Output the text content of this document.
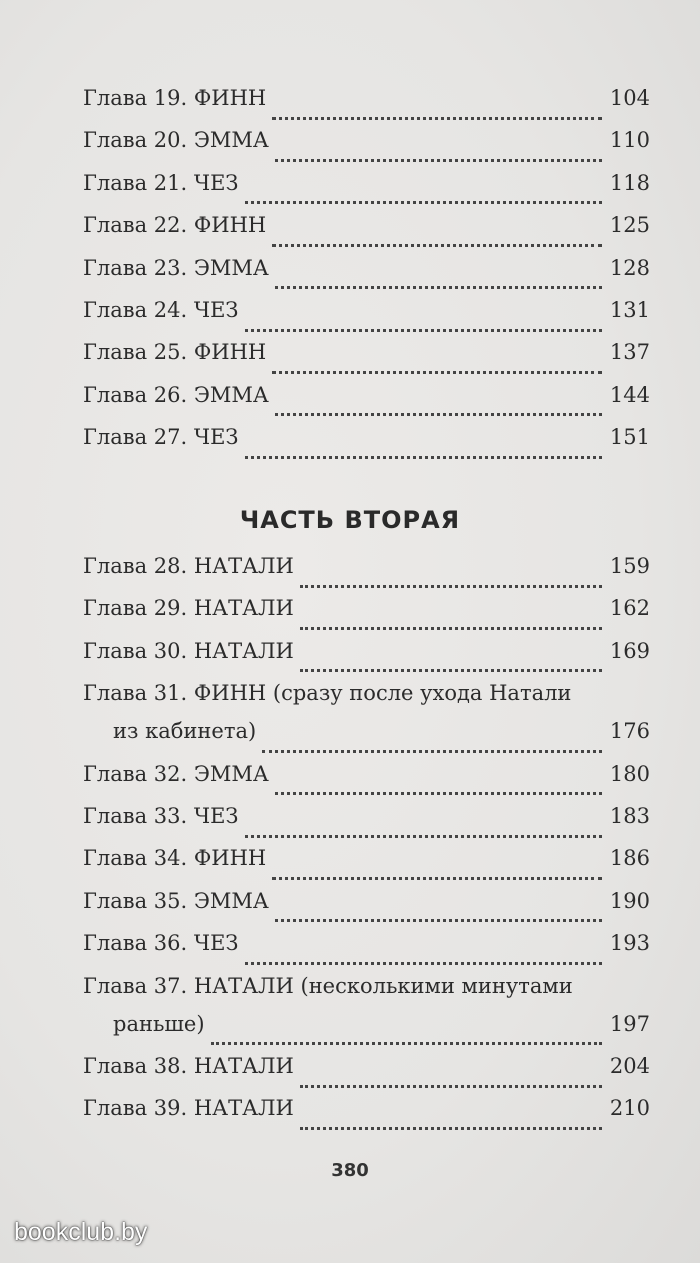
Глава 19. ФИНН	104
Глава 20. ЭММА	110
Глава 21. ЧЕЗ	118
Глава 22. ФИНН	125
Глава 23. ЭММА	128
Глава 24. ЧЕЗ	131
Глава 25. ФИНН	137
Глава 26. ЭММА	144
Глава 27. ЧЕЗ	151
ЧАСТЬ ВТОРАЯ
Глава 28. НАТАЛИ	159
Глава 29. НАТАЛИ	162
Глава 30. НАТАЛИ	169
Глава 31. ФИНН (сразу после ухода Натали
из кабинета)	176
Глава 32. ЭММА	180
Глава 33. ЧЕЗ	183
Глава 34. ФИНН	186
Глава 35. ЭММА	190
Глава 36. ЧЕЗ	193
Глава 37. НАТАЛИ (несколькими минутами
раньше)	197
Глава 38. НАТАЛИ	204
Глава 39. НАТАЛИ	210
380
bookclub.by
